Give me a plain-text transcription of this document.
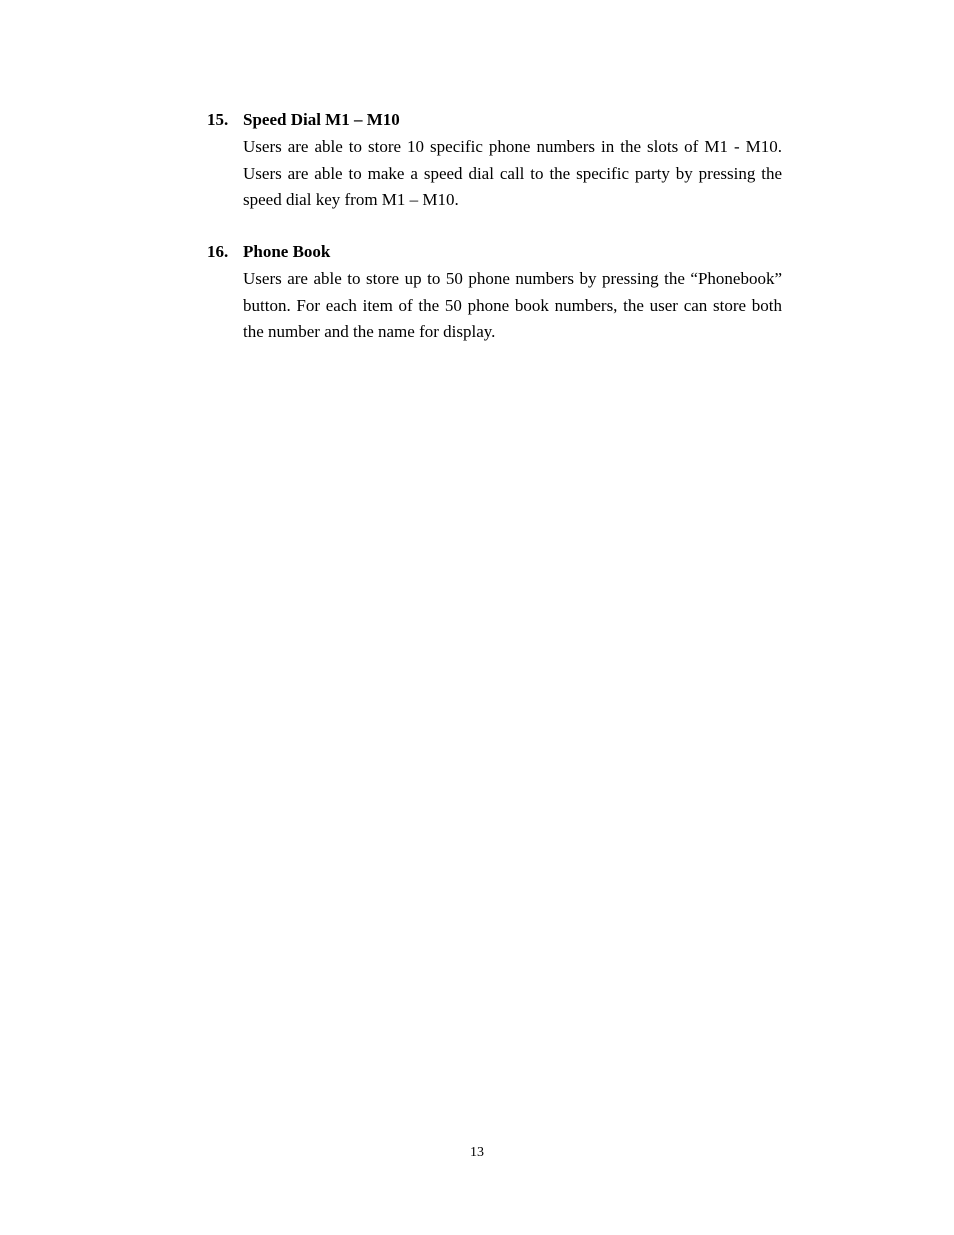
15. Speed Dial M1 – M10
Users are able to store 10 specific phone numbers in the slots of M1 - M10. Users are able to make a speed dial call to the specific party by pressing the speed dial key from M1 – M10.
16. Phone Book
Users are able to store up to 50 phone numbers by pressing the “Phonebook” button. For each item of the 50 phone book numbers, the user can store both the number and the name for display.
13
